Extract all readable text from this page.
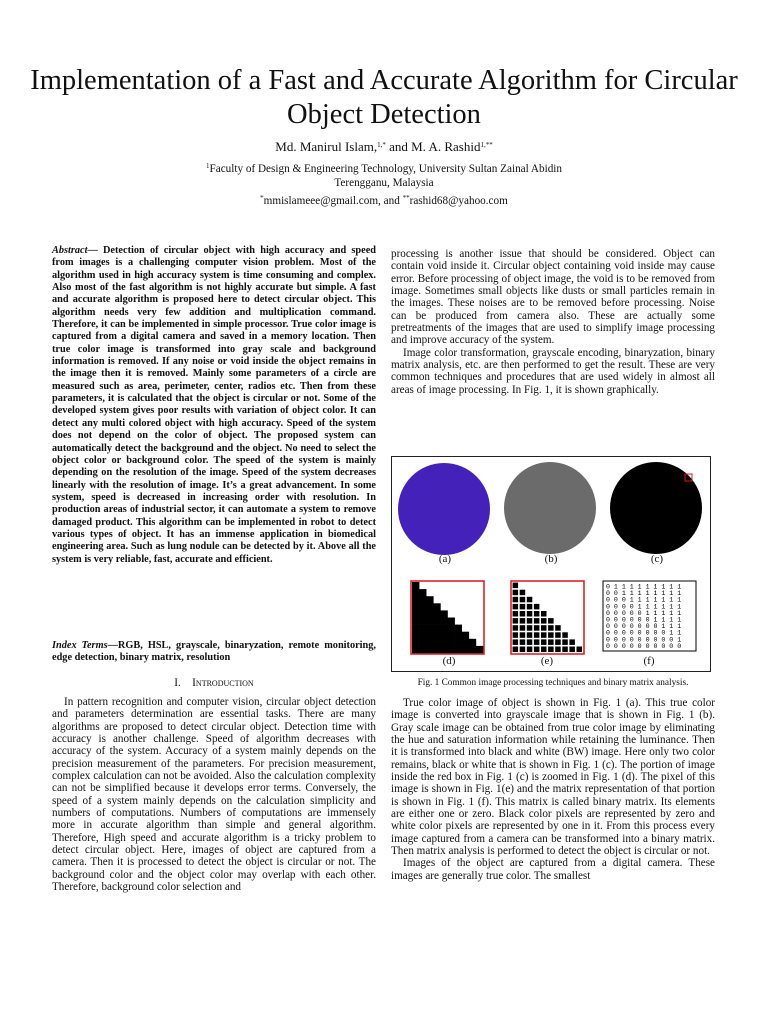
Implementation of a Fast and Accurate Algorithm for Circular Object Detection
Md. Manirul Islam,$^{1,*}$ and M. A. Rashid$^{1,**}$
$^1$Faculty of Design & Engineering Technology, University Sultan Zainal Abidin
Terengganu, Malaysia
*mmislameee@gmail.com, and **rashid68@yahoo.com
Abstract— Detection of circular object with high accuracy and speed from images is a challenging computer vision problem. Most of the algorithm used in high accuracy system is time consuming and complex. Also most of the fast algorithm is not highly accurate but simple. A fast and accurate algorithm is proposed here to detect circular object. This algorithm needs very few addition and multiplication command. Therefore, it can be implemented in simple processor. True color image is captured from a digital camera and saved in a memory location. Then true color image is transformed into gray scale and background information is removed. If any noise or void inside the object remains in the image then it is removed. Mainly some parameters of a circle are measured such as area, perimeter, center, radios etc. Then from these parameters, it is calculated that the object is circular or not. Some of the developed system gives poor results with variation of object color. It can detect any multi colored object with high accuracy. Speed of the system does not depend on the color of object. The proposed system can automatically detect the background and the object. No need to select the object color or background color. The speed of the system is mainly depending on the resolution of the image. Speed of the system decreases linearly with the resolution of image. It’s a great advancement. In some system, speed is decreased in increasing order with resolution. In production areas of industrial sector, it can automate a system to remove damaged product. This algorithm can be implemented in robot to detect various types of object. It has an immense application in biomedical engineering area. Such as lung nodule can be detected by it. Above all the system is very reliable, fast, accurate and efficient.
Index Terms—RGB, HSL, grayscale, binaryzation, remote monitoring, edge detection, binary matrix, resolution
I. Introduction

In pattern recognition and computer vision, circular object detection and parameters determination are essential tasks. There are many algorithms are proposed to detect circular object. Detection time with accuracy is another challenge. Speed of algorithm decreases with accuracy of the system. Accuracy of a system mainly depends on the precision measurement of the parameters. For precision measurement, complex calculation can not be avoided. Also the calculation complexity can not be simplified because it develops error terms. Conversely, the speed of a system mainly depends on the calculation simplicity and numbers of computations. Numbers of computations are immensely more in accurate algorithm than simple and general algorithm. Therefore, High speed and accurate algorithm is a tricky problem to detect circular object. Here, images of object are captured from a camera. Then it is processed to detect the object is circular or not. The background color and the object color may overlap with each other. Therefore, background color selection and

processing is another issue that should be considered. Object can contain void inside it. Circular object containing void inside may cause error. Before processing of object image, the void is to be removed from image. Sometimes small objects like dusts or small particles remain in the images. These noises are to be removed before processing. Noise can be produced from camera also. These are actually some pretreatments of the images that are used to simplify image processing and improve accuracy of the system.

Image color transformation, grayscale encoding, binaryzation, binary matrix analysis, etc. are then performed to get the result. These are very common techniques and procedures that are used widely in almost all areas of image processing. In Fig. 1, it is shown graphically.

0 1 1 1 1 1 1 1 1 1
0 0 1 1 1 1 1 1 1 1
0 0 0 1 1 1 1 1 1 1
0 0 0 0 1 1 1 1 1 1
0 0 0 0 0 1 1 1 1 1
0 0 0 0 0 0 1 1 1 1
0 0 0 0 0 0 0 1 1 1
0 0 0 0 0 0 0 0 1 1
0 0 0 0 0 0 0 0 0 1
0 0 0 0 0 0 0 0 0 0
(a)	(b)	(c)
(d)	(e)	(f)
Fig. 1 Common image processing techniques and binary matrix analysis.

True color image of object is shown in Fig. 1 (a). This true color image is converted into grayscale image that is shown in Fig. 1 (b). Gray scale image can be obtained from true color image by eliminating the hue and saturation information while retaining the luminance. Then it is transformed into black and white (BW) image. Here only two color remains, black or white that is shown in Fig. 1 (c). The portion of image inside the red box in Fig. 1 (c) is zoomed in Fig. 1 (d). The pixel of this image is shown in Fig. 1(e) and the matrix representation of that portion is shown in Fig. 1 (f). This matrix is called binary matrix. Its elements are either one or zero. Black color pixels are represented by zero and white color pixels are represented by one in it. From this process every image captured from a camera can be transformed into a binary matrix. Then matrix analysis is performed to detect the object is circular or not.

Images of the object are captured from a digital camera. These images are generally true color. The smallest
